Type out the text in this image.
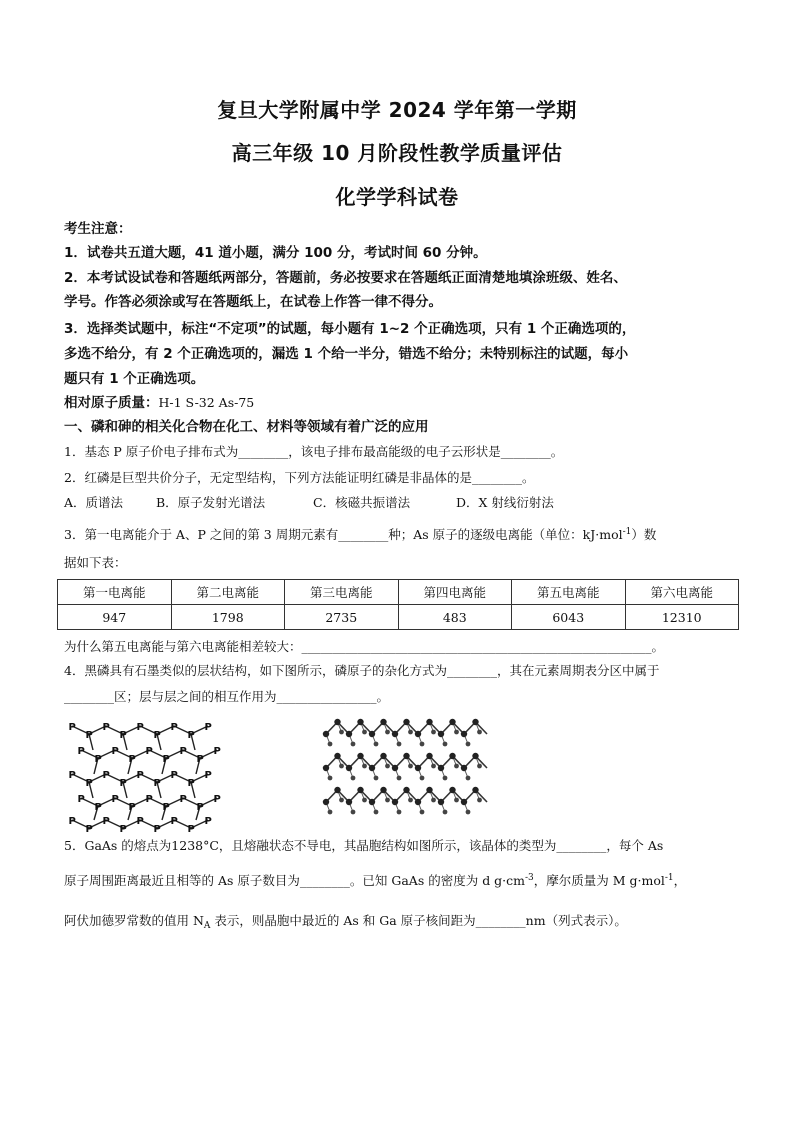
复旦大学附属中学 2024 学年第一学期
高三年级 10 月阶段性教学质量评估
化学学科试卷
考生注意：
1．试卷共五道大题，41 道小题，满分 100 分，考试时间 60 分钟。
2．本考试设试卷和答题纸两部分，答题前，务必按要求在答题纸正面清楚地填涂班级、姓名、
学号。作答必须涂或写在答题纸上，在试卷上作答一律不得分。
3．选择类试题中，标注“不定项”的试题，每小题有 1~2 个正确选项，只有 1 个正确选项的，
多选不给分，有 2 个正确选项的，漏选 1 个给一半分，错选不给分；未特别标注的试题，每小
题只有 1 个正确选项。
相对原子质量：H-1 S-32 As-75
一、磷和砷的相关化合物在化工、材料等领域有着广泛的应用
1．基态 P 原子价电子排布式为________，该电子排布最高能级的电子云形状是________。
2．红磷是巨型共价分子，无定型结构，下列方法能证明红磷是非晶体的是________。
A．质谱法	B．原子发射光谱法	C．核磁共振谱法	D．X 射线衍射法
3．第一电离能介于 A、P 之间的第 3 周期元素有________种；As 原子的逐级电离能（单位：kJ·mol$^{-1}$）数
据如下表：
第一电离能	第二电离能	第三电离能	第四电离能	第五电离能	第六电离能
947	1798	2735	483	6043	12310
为什么第五电离能与第六电离能相差较大：________________________________________________________。
4．黑磷具有石墨类似的层状结构，如下图所示，磷原子的杂化方式为________，其在元素周期表分区中属于
________区；层与层之间的相互作用为________________。
P
P
P
P
P
P
P
P
P
P
P
P
P
P
P
P
P
P
P
P
P
P
P
P
P
P
P
P
P
P
P
P
P
P
P
P
P
P
P
P
P
P
P
P
P
5．GaAs 的熔点为1238°C，且熔融状态不导电，其晶胞结构如图所示，该晶体的类型为________，每个 As
原子周围距离最近且相等的 As 原子数目为________。已知 GaAs 的密度为 d $g\cdot cm^{-3}$，摩尔质量为 M g·mol$^{-1}$，
阿伏加德罗常数的值用 $N_A$ 表示，则晶胞中最近的 As 和 Ga 原子核间距为________nm（列式表示）。
